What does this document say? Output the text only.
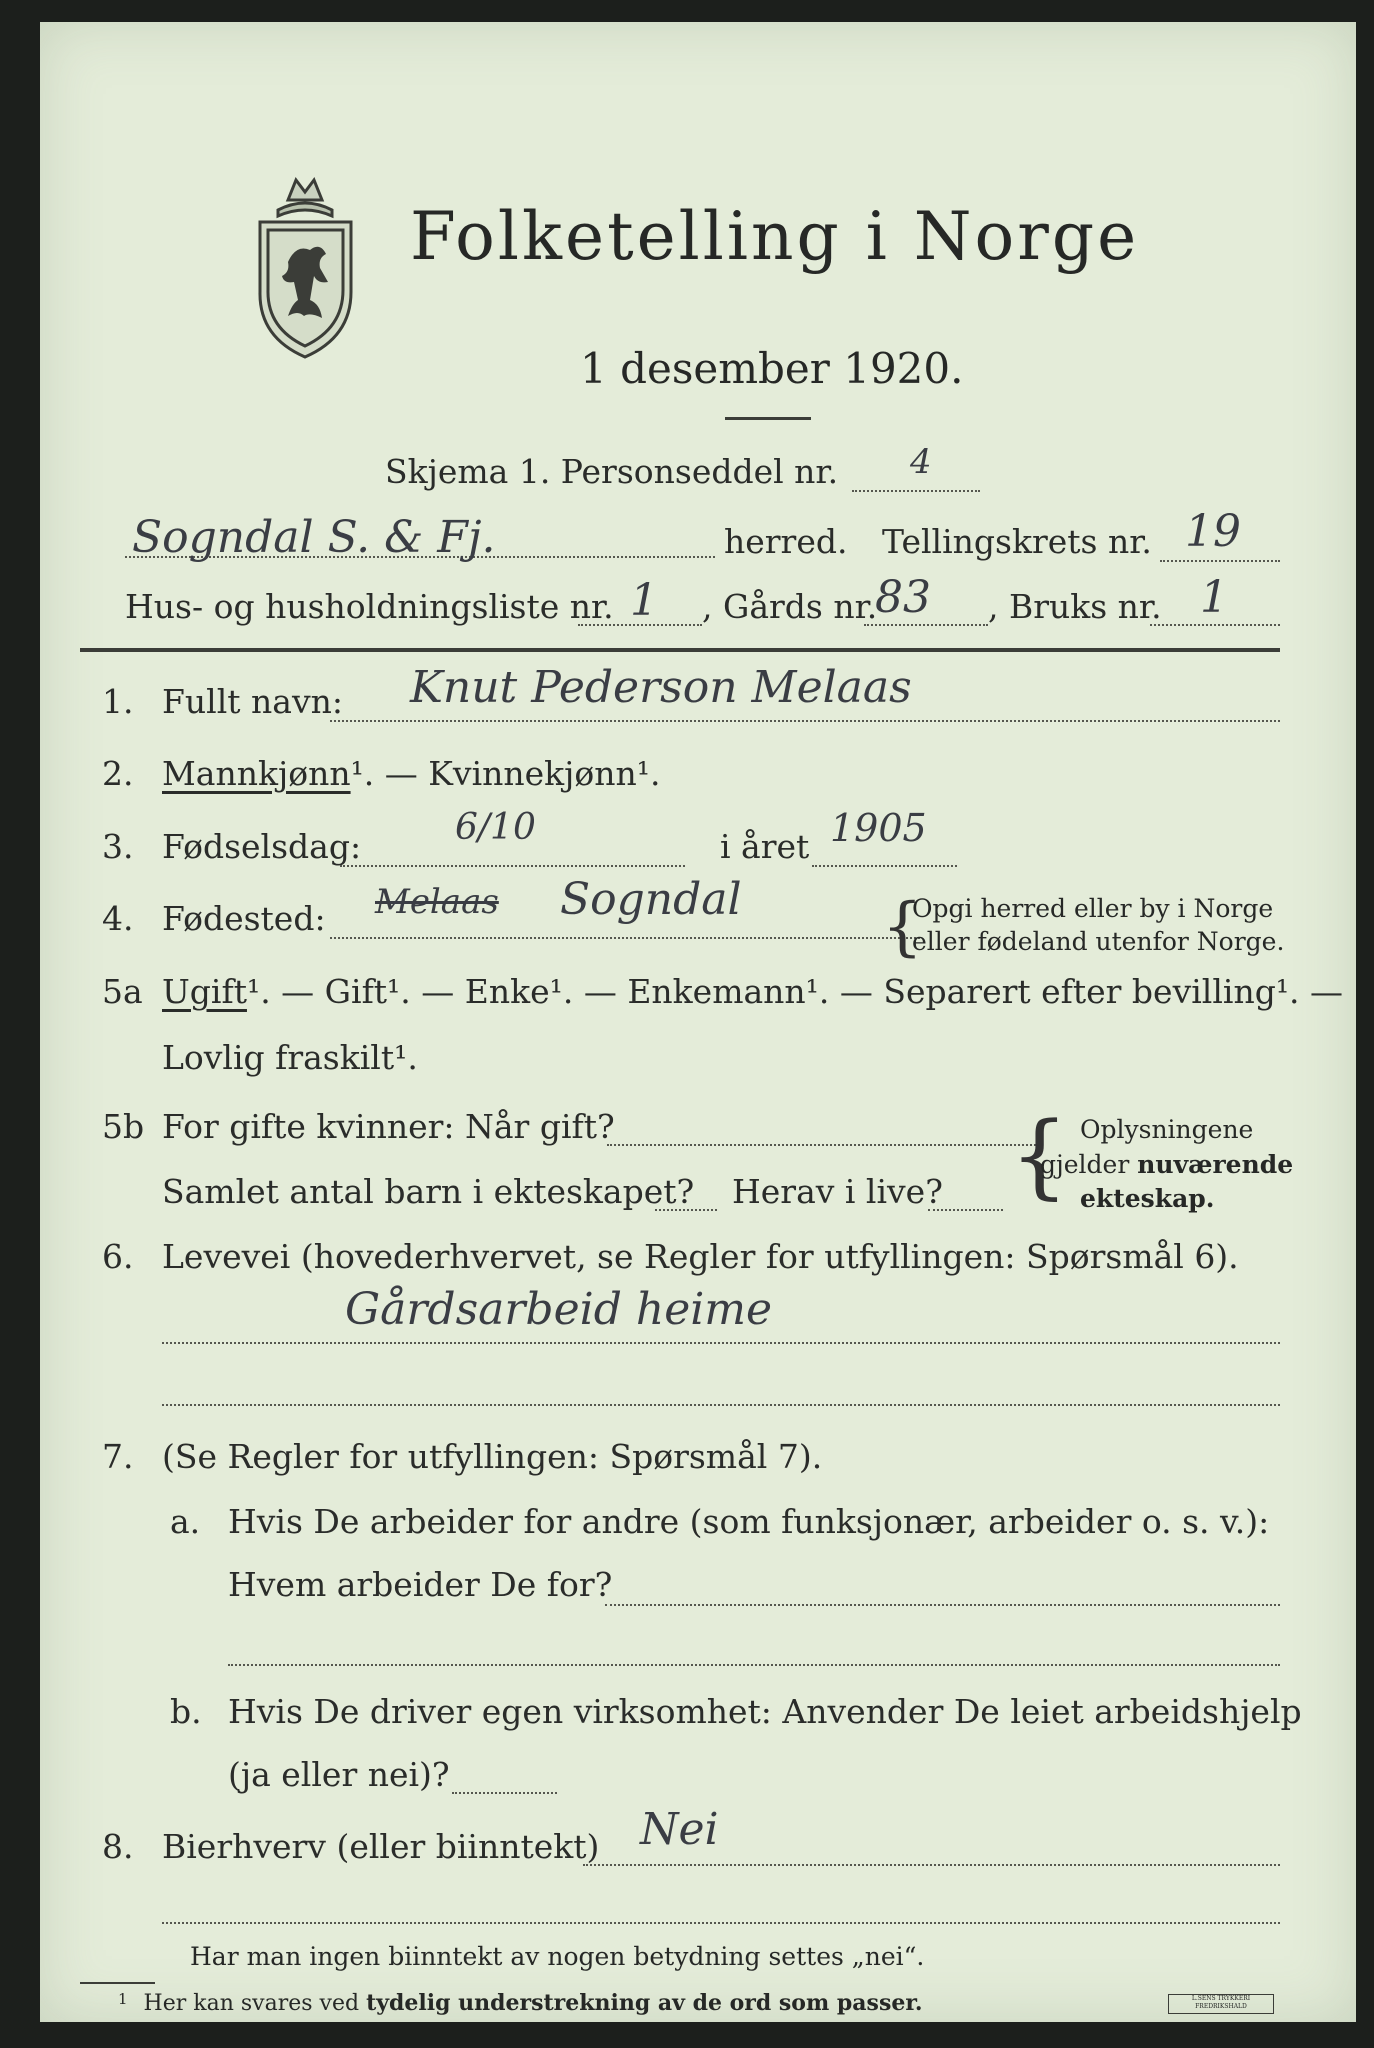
Folketelling i Norge
1 desember 1920.
Skjema 1. Personseddel nr. 4
Sogndal S. & Fj.	herred. Tellingskrets nr. 19
Hus- og husholdningsliste nr. 1 , Gårds nr.
83 , Bruks nr. 1
1. Fullt navn: Knut Pederson Melaas
2. Mannkjønn¹. — Kvinnekjønn¹.
3. Fødselsdag:	6/10	i året 1905
4. Fødested: Melaas Sogndal {
Opgi herred eller by i Norge
eller fødeland utenfor Norge.
5a Ugift¹. — Gift¹. — Enke¹. — Enkemann¹. — Separert efter bevilling¹. —
Lovlig fraskilt¹.
5b For gifte kvinner: Når gift?
Samlet antal barn i ekteskapet? Herav i live? { Oplysningene
gjelder nuværende
ekteskap.
6. Levevei (hovederhvervet, se Regler for utfyllingen: Spørsmål 6).
Gårdsarbeid heime
7. (Se Regler for utfyllingen: Spørsmål 7).
a. Hvis De arbeider for andre (som funksjonær, arbeider o. s. v.):
Hvem arbeider De for?
b. Hvis De driver egen virksomhet: Anvender De leiet arbeidshjelp
(ja eller nei)?
8. Bierhverv (eller biinntekt) Nei
Har man ingen biinntekt av nogen betydning settes „nei“.
$^1$ Her kan svares ved tydelig understrekning av de ord som passer.	L.SENS TRYKKERI FREDRIKSHALD
